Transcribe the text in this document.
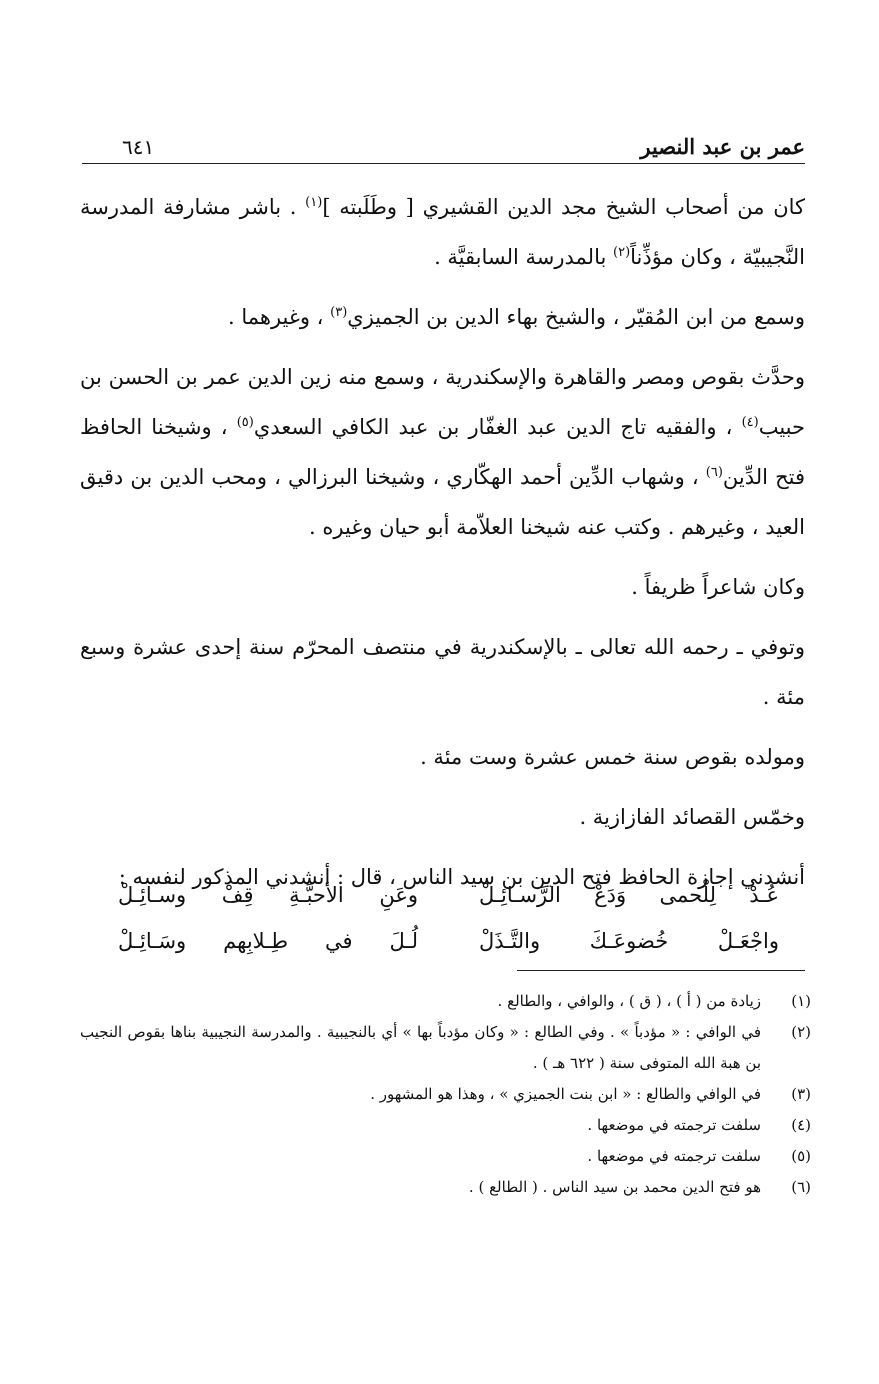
عمر بن عبد النصير
٦٤١

كان من أصحاب الشيخ مجد الدين القشيري [ وطَلَبته ]$^{(١)}$ . باشر مشارفة المدرسة النَّجيبيّة ، وكان مؤذِّناً$^{(٢)}$ بالمدرسة السابقيَّة .

وسمع من ابن المُقيّر ، والشيخ بهاء الدين بن الجميزي$^{(٣)}$ ، وغيرهما .

وحدَّث بقوص ومصر والقاهرة والإسكندرية ، وسمع منه زين الدين عمر بن الحسن بن حبيب$^{(٤)}$ ، والفقيه تاج الدين عبد الغفّار بن عبد الكافي السعدي$^{(٥)}$ ، وشيخنا الحافظ فتح الدِّين$^{(٦)}$ ، وشهاب الدِّين أحمد الهكّاري ، وشيخنا البرزالي ، ومحب الدين بن دقيق العيد ، وغيرهم . وكتب عنه شيخنا العلاّمة أبو حيان وغيره .

وكان شاعراً ظريفاً .

وتوفي ـ رحمه الله تعالى ـ بالإسكندرية في منتصف المحرّم سنة إحدى عشرة وسبع مئة .

ومولده بقوص سنة خمس عشرة وست مئة .

وخمّس القصائد الفازازية .

أنشدني إجازة الحافظ فتح الدين بن سيد الناس ، قال : أنشدني المذكور لنفسه :

عُـدْ لِلْحمى وَدَعْ الرَّسـائِـلْ
وعَنِ الأحبَّـةِ قِفْ وسـائِـلْ
واجْعَـلْ خُضوعَـكَ والتَّـذَلْ
لُـلَ في طِـلابِهم وسَـائِـلْ
(١)
زيادة من ( أ ) ، ( ق ) ، والوافي ، والطالع .
(٢)
في الوافي : « مؤدباً » . وفي الطالع : « وكان مؤدباً بها » أي بالنجيبية . والمدرسة النجيبية بناها بقوص النجيب بن هبة الله المتوفى سنة ( ٦٢٢ هـ ) .
(٣)
في الوافي والطالع : « ابن بنت الجميزي » ، وهذا هو المشهور .
(٤)
سلفت ترجمته في موضعها .
(٥)
سلفت ترجمته في موضعها .
(٦)
هو فتح الدين محمد بن سيد الناس . ( الطالع ) .
